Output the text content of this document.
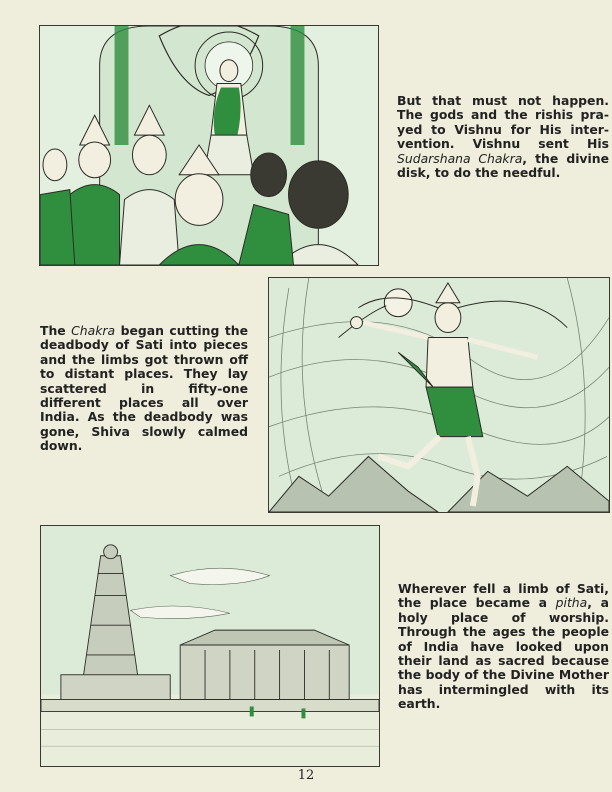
But that must not happen. The gods and the rishis pra-yed to Vishnu for His inter-vention. Vishnu sent His Sudarshana Chakra, the divine disk, to do the needful.

The Chakra began cutting the deadbody of Sati into pieces and the limbs got thrown off to distant places. They lay scattered in fifty-one different places all over India. As the deadbody was gone, Shiva slowly calmed down.

Wherever fell a limb of Sati, the place became a pitha, a holy place of worship. Through the ages the people of India have looked upon their land as sacred because the body of the Divine Mother has intermingled with its earth.

12
